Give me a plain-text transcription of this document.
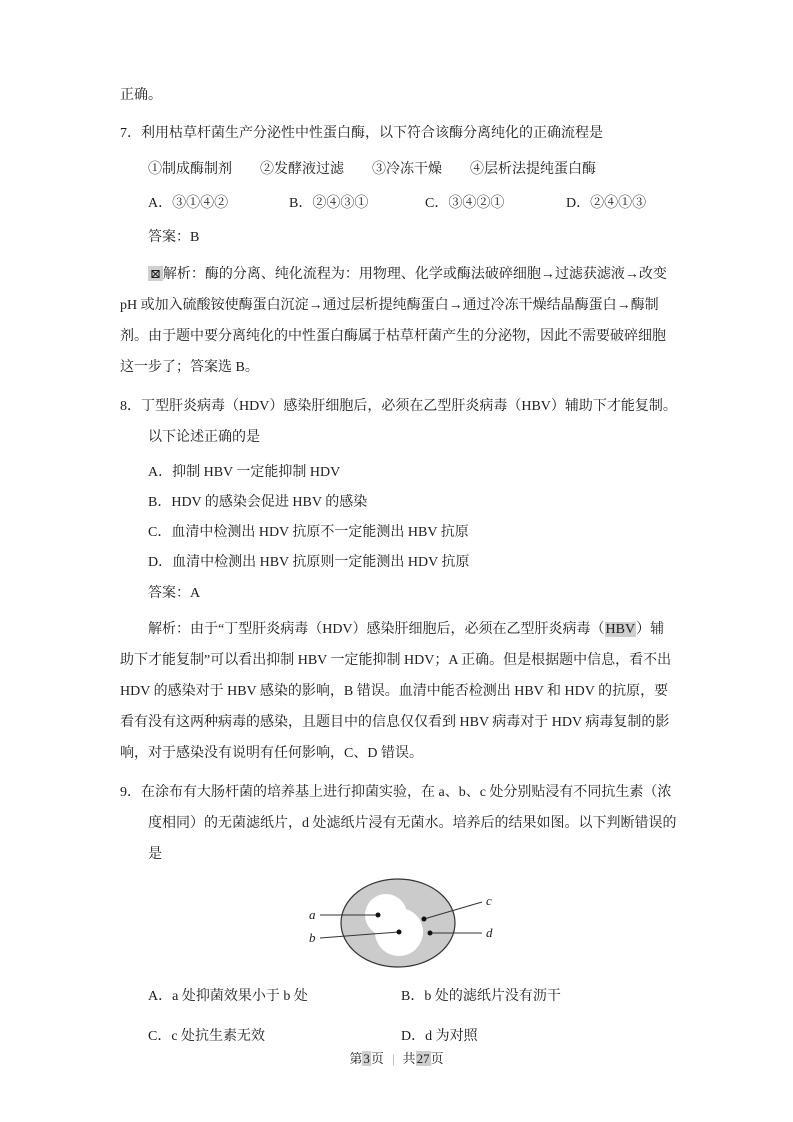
正确。

7．利用枯草杆菌生产分泌性中性蛋白酶，以下符合该酶分离纯化的正确流程是

①制成酶制剂　　②发酵液过滤　　③冷冻干燥　　④层析法提纯蛋白酶

A．③①④②	B．②④③①	C．③④②①	D．②④①③

答案：B

⊠ 解析：酶的分离、纯化流程为：用物理、化学或酶法破碎细胞→过滤获滤液→改变pH 或加入硫酸铵使酶蛋白沉淀→通过层析提纯酶蛋白→通过冷冻干燥结晶酶蛋白→酶制剂。由于题中要分离纯化的中性蛋白酶属于枯草杆菌产生的分泌物，因此不需要破碎细胞这一步了；答案选 B。

8．丁型肝炎病毒（HDV）感染肝细胞后，必须在乙型肝炎病毒（HBV）辅助下才能复制。以下论述正确的是

A．抑制 HBV 一定能抑制 HDV

B．HDV 的感染会促进 HBV 的感染

C．血清中检测出 HDV 抗原不一定能测出 HBV 抗原

D．血清中检测出 HBV 抗原则一定能测出 HDV 抗原

答案：A

解析：由于“丁型肝炎病毒（HDV）感染肝细胞后，必须在乙型肝炎病毒（HBV）辅助下才能复制”可以看出抑制 HBV 一定能抑制 HDV；A 正确。但是根据题中信息，看不出 HDV 的感染对于 HBV 感染的影响，B 错误。血清中能否检测出 HBV 和 HDV 的抗原，要看有没有这两种病毒的感染，且题目中的信息仅仅看到 HBV 病毒对于 HDV 病毒复制的影响，对于感染没有说明有任何影响，C、D 错误。

9．在涂布有大肠杆菌的培养基上进行抑菌实验，在 a、b、c 处分别贴浸有不同抗生素（浓度相同）的无菌滤纸片，d 处滤纸片浸有无菌水。培养后的结果如图。以下判断错误的是

a
b
c
d
A．a 处抑菌效果小于 b 处	B．b 处的滤纸片没有沥干
C．c 处抗生素无效	D．d 为对照
第3页 | 共27页
